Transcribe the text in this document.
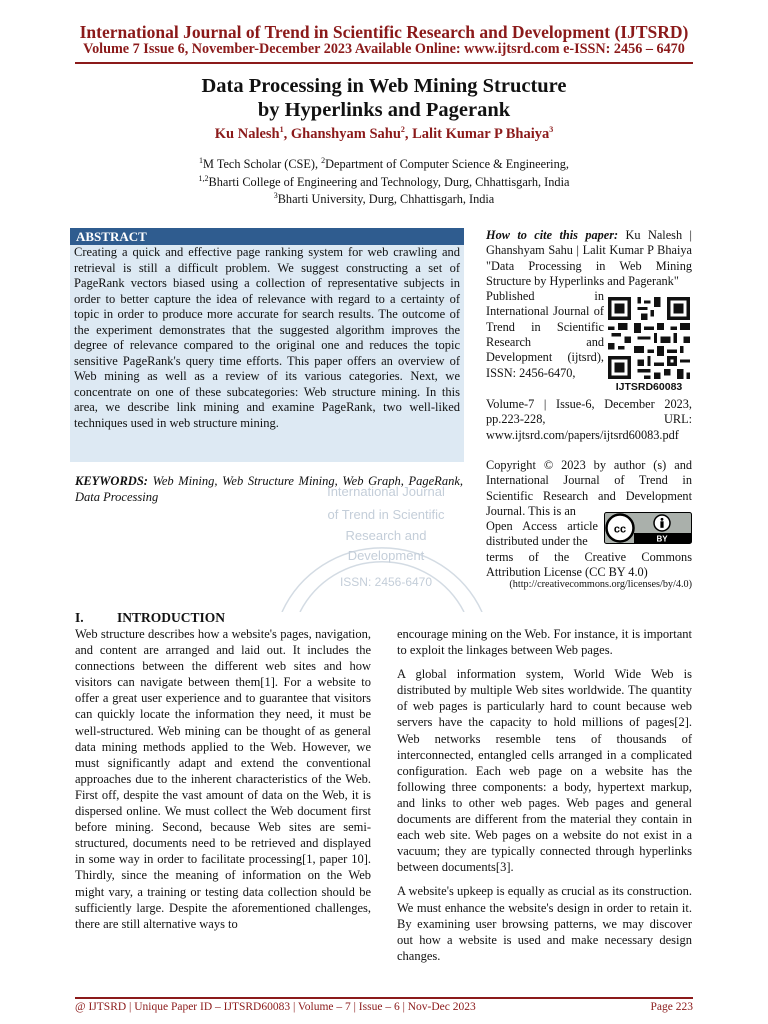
International Journal of Trend in Scientific Research and Development (IJTSRD)
Volume 7 Issue 6, November-December 2023 Available Online: www.ijtsrd.com e-ISSN: 2456 – 6470
Data Processing in Web Mining Structure
by Hyperlinks and Pagerank
Ku Nalesh$^1$, Ghanshyam Sahu$^2$, Lalit Kumar P Bhaiya$^3$
$^1$M Tech Scholar (CSE), $^2$Department of Computer Science & Engineering,
$^{1,2}$Bharti College of Engineering and Technology, Durg, Chhattisgarh, India
$^3$Bharti University, Durg, Chhattisgarh, India
ABSTRACT
Creating a quick and effective page ranking system for web crawling and retrieval is still a difficult problem. We suggest constructing a set of PageRank vectors biased using a collection of representative subjects in order to better capture the idea of relevance with regard to a certainty of topic in order to produce more accurate for search results. The outcome of the experiment demonstrates that the suggested algorithm improves the degree of relevance compared to the original one and reduces the topic sensitive PageRank's query time efforts. This paper offers an overview of Web mining as well as a review of its various categories. Next, we concentrate on one of these subcategories: Web structure mining. In this area, we describe link mining and examine PageRank, two well-liked techniques used in web structure mining.
International Journal
of Trend in Scientific
Research and
Development
ISSN: 2456-6470
KEYWORDS: Web Mining, Web Structure Mining, Web Graph, PageRank, Data Processing
How to cite this paper: Ku Nalesh | Ghanshyam Sahu | Lalit Kumar P Bhaiya "Data Processing in Web Mining Structure by Hyperlinks and Pagerank"
Published in International Journal of Trend in Scientific Research and Development (ijtsrd), ISSN: 2456-6470,
IJTSRD60083
Volume-7 | Issue-6, December 2023, pp.223-228, URL: www.ijtsrd.com/papers/ijtsrd60083.pdf
Copyright © 2023 by author (s) and International Journal of Trend in Scientific Research and Development Journal. This is an
Open Access article distributed under the
terms of the Creative Commons Attribution License (CC BY 4.0)
cc
BY
(http://creativecommons.org/licenses/by/4.0)
I. INTRODUCTION

Web structure describes how a website's pages, navigation, and content are arranged and laid out. It includes the connections between the different web sites and how visitors can navigate between them[1]. For a website to offer a great user experience and to guarantee that visitors can quickly locate the information they need, it must be well-structured. Web mining can be thought of as general data mining methods applied to the Web. However, we must significantly adapt and extend the conventional approaches due to the inherent characteristics of the Web. First off, despite the vast amount of data on the Web, it is dispersed online. We must collect the Web document first before mining. Second, because Web sites are semi-structured, documents need to be retrieved and displayed in some way in order to facilitate processing[1, paper 10]. Thirdly, since the meaning of information on the Web might vary, a training or testing data collection should be sufficiently large. Despite the aforementioned challenges, there are still alternative ways to

encourage mining on the Web. For instance, it is important to exploit the linkages between Web pages.

A global information system, World Wide Web is distributed by multiple Web sites worldwide. The quantity of web pages is particularly hard to count because web servers have the capacity to hold millions of pages[2]. Web networks resemble tens of thousands of interconnected, entangled cells arranged in a complicated configuration. Each web page on a website has the following three components: a body, hypertext markup, and links to other web pages. Web pages and general documents are different from the material they contain in each web site. Web pages on a website do not exist in a vacuum; they are typically connected through hyperlinks between documents[3].

A website's upkeep is equally as crucial as its construction. We must enhance the website's design in order to retain it. By examining user browsing patterns, we may discover out how a website is used and make necessary design changes.

@ IJTSRD | Unique Paper ID – IJTSRD60083 | Volume – 7 | Issue – 6 | Nov-Dec 2023	Page 223
